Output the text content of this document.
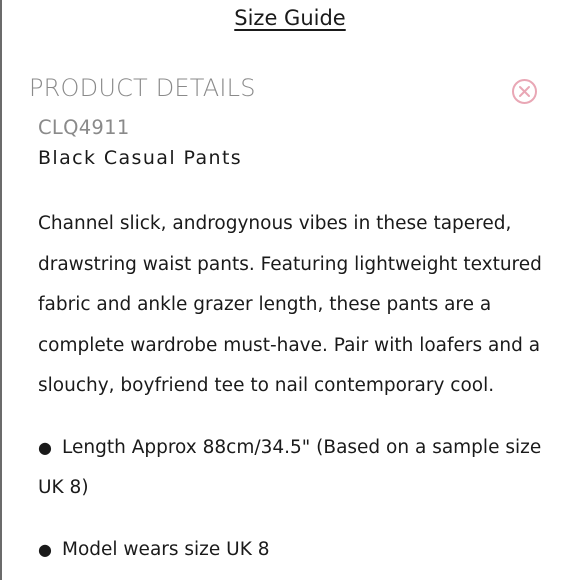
Size Guide
PRODUCT DETAILS
CLQ4911
Black Casual Pants
Channel slick, androgynous vibes in these tapered, drawstring waist pants. Featuring lightweight textured fabric and ankle grazer length, these pants are a complete wardrobe must-have. Pair with loafers and a slouchy, boyfriend tee to nail contemporary cool.
● Length Approx 88cm/34.5" (Based on a sample size UK 8)
● Model wears size UK 8
